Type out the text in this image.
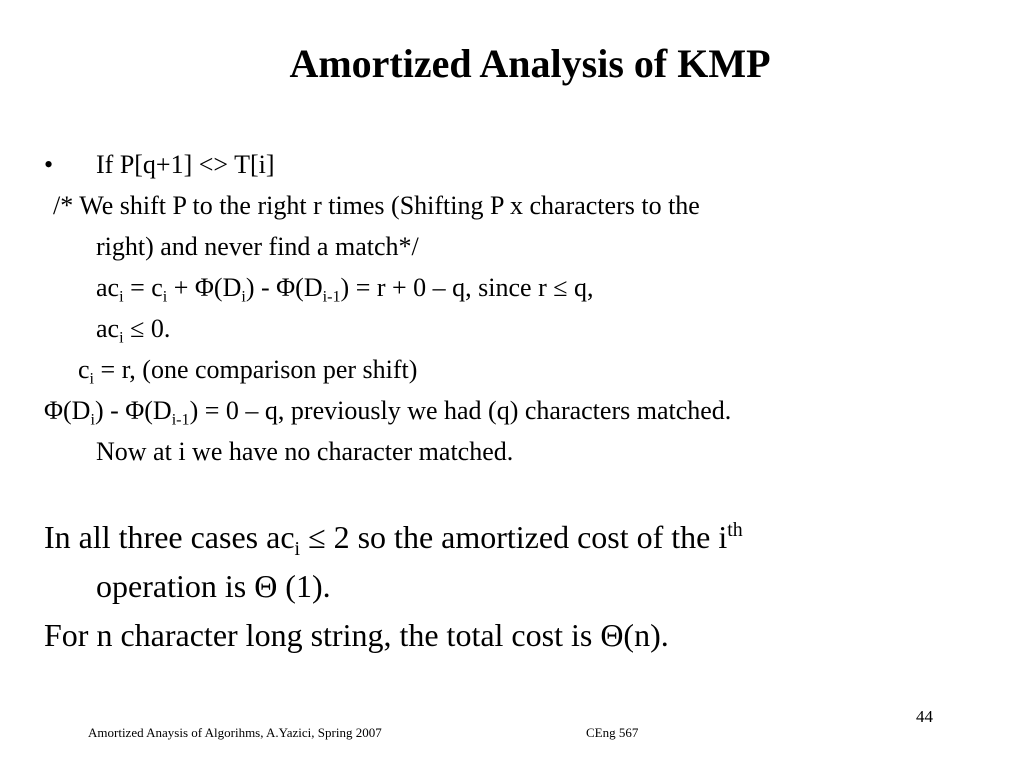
Amortized Analysis of KMP
• If P[q+1] <> T[i]
/* We shift P to the right r times (Shifting P x characters to the
right) and never find a match*/
$ac_i = c_i + \Phi(D_i) - \Phi(D_{i-1}) = r + 0 - q$, since r ≤ q,
$ac_i \le 0$.
$c_i = r$, (one comparison per shift)
$\Phi(D_i) - \Phi(D_{i-1}) = 0 - q$, previously we had (q) characters matched.
Now at i we have no character matched.
In all three cases $ac_i \le 2$ so the amortized cost of the $i^{th}$
operation is Θ (1).
For n character long string, the total cost is Θ(n).
44
Amortized Anaysis of Algorihms, A.Yazici, Spring 2007	CEng 567
